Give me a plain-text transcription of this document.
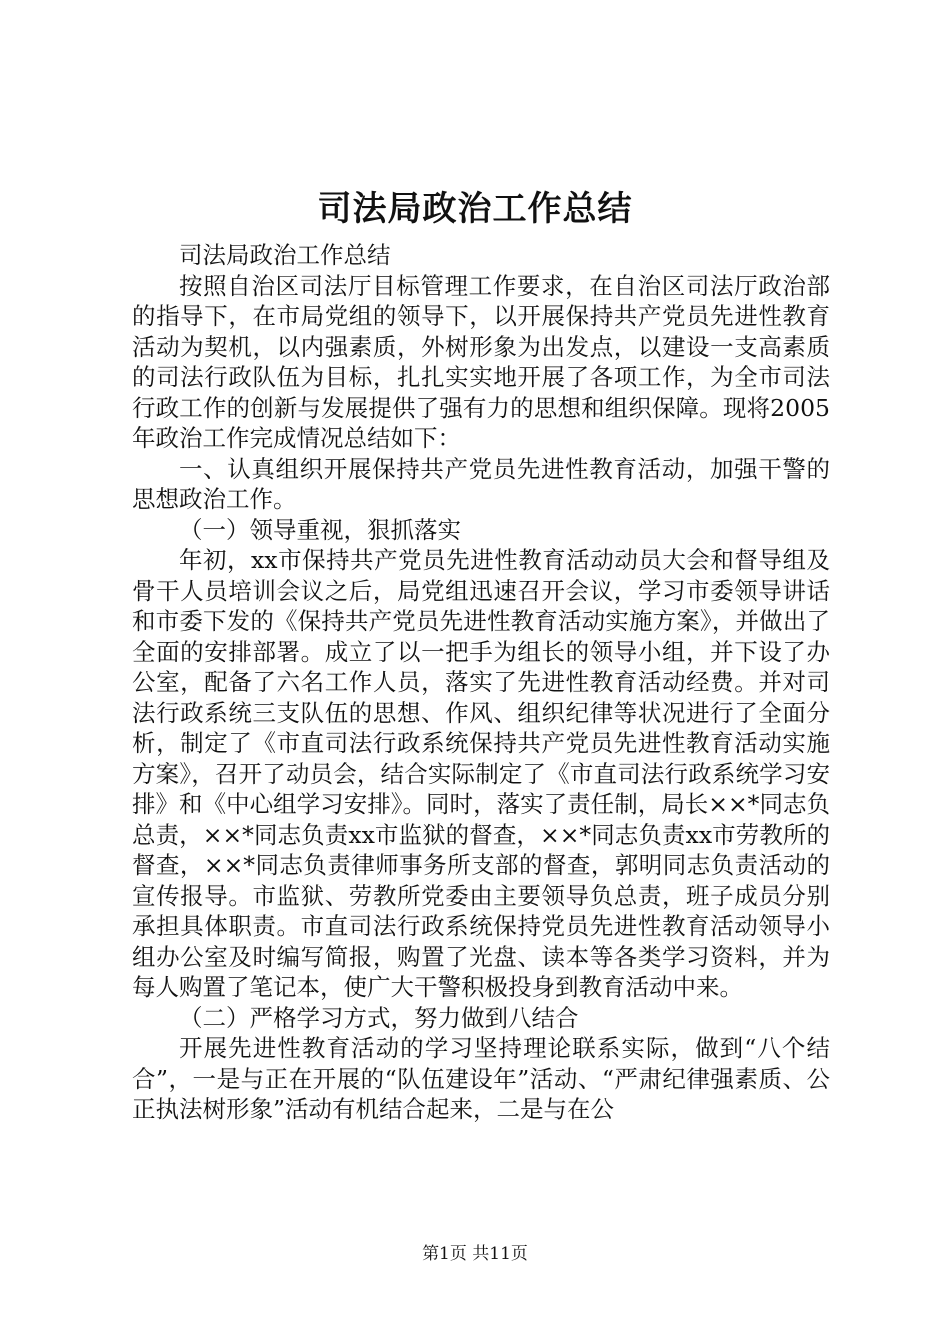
司法局政治工作总结

司法局政治工作总结

按照自治区司法厅目标管理工作要求，在自治区司法厅政治部的指导下，在市局党组的领导下，以开展保持共产党员先进性教育活动为契机，以内强素质，外树形象为出发点，以建设一支高素质的司法行政队伍为目标，扎扎实实地开展了各项工作，为全市司法行政工作的创新与发展提供了强有力的思想和组织保障。现将2005年政治工作完成情况总结如下：

一、认真组织开展保持共产党员先进性教育活动，加强干警的思想政治工作。

（一）领导重视，狠抓落实

年初，xx市保持共产党员先进性教育活动动员大会和督导组及骨干人员培训会议之后，局党组迅速召开会议，学习市委领导讲话和市委下发的《保持共产党员先进性教育活动实施方案》，并做出了全面的安排部署。成立了以一把手为组长的领导小组，并下设了办公室，配备了六名工作人员，落实了先进性教育活动经费。并对司法行政系统三支队伍的思想、作风、组织纪律等状况进行了全面分析，制定了《市直司法行政系统保持共产党员先进性教育活动实施方案》，召开了动员会，结合实际制定了《市直司法行政系统学习安排》和《中心组学习安排》。同时，落实了责任制，局长××*同志负总责，××*同志负责xx市监狱的督查，××*同志负责xx市劳教所的督查，××*同志负责律师事务所支部的督查，郭明同志负责活动的宣传报导。市监狱、劳教所党委由主要领导负总责，班子成员分别承担具体职责。市直司法行政系统保持党员先进性教育活动领导小组办公室及时编写简报，购置了光盘、读本等各类学习资料，并为每人购置了笔记本，使广大干警积极投身到教育活动中来。

（二）严格学习方式，努力做到八结合

开展先进性教育活动的学习坚持理论联系实际，做到“八个结合”，一是与正在开展的“队伍建设年”活动、“严肃纪律强素质、公正执法树形象”活动有机结合起来，二是与在公

第1页 共11页
